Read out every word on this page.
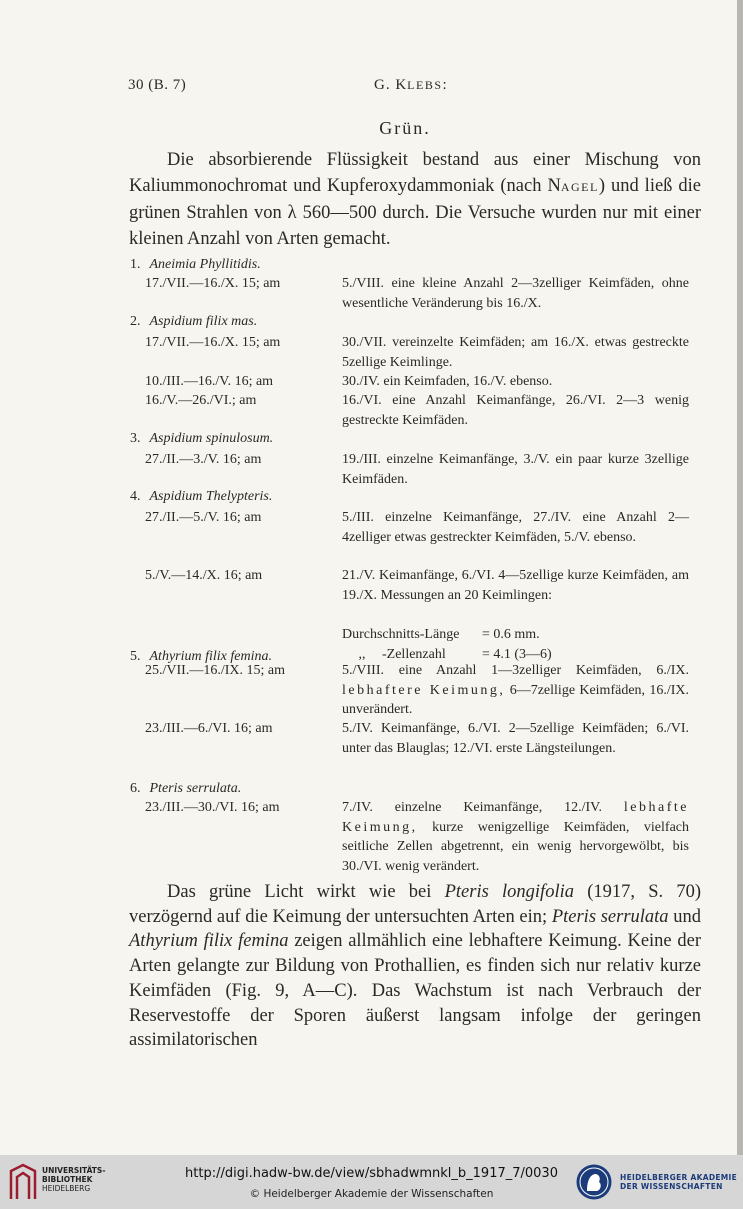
30 (B. 7)	G. KLEBS:
Grün.
Die absorbierende Flüssigkeit bestand aus einer Mischung von Kaliummonochromat und Kupferoxydammoniak (nach NAGEL) und ließ die grünen Strahlen von λ 560—500 durch. Die Versuche wurden nur mit einer kleinen Anzahl von Arten gemacht.
1. Aneimia Phyllitidis.
17./VII.—16./X. 15; am	5./VIII. eine kleine Anzahl 2—3zelliger Keimfäden, ohne wesentliche Veränderung bis 16./X.
2. Aspidium filix mas.
17./VII.—16./X. 15; am	30./VII. vereinzelte Keimfäden; am 16./X. etwas gestreckte 5zellige Keimlinge.
10./III.—16./V. 16; am	30./IV. ein Keimfaden, 16./V. ebenso.
16./V.—26./VI.; am	16./VI. eine Anzahl Keimanfänge, 26./VI. 2—3 wenig gestreckte Keimfäden.
3. Aspidium spinulosum.
27./II.—3./V. 16; am	19./III. einzelne Keimanfänge, 3./V. ein paar kurze 3zellige Keimfäden.
4. Aspidium Thelypteris.
27./II.—5./V. 16; am	5./III. einzelne Keimanfänge, 27./IV. eine Anzahl 2—4zelliger etwas gestreckter Keimfäden, 5./V. ebenso.
5./V.—14./X. 16; am	21./V. Keimanfänge, 6./VI. 4—5zellige kurze Keimfäden, am 19./X. Messungen an 20 Keimlingen:
Durchschnitts-Länge = 0.6 mm.
,, -Zellenzahl	= 4.1 (3—6)
5. Athyrium filix femina.
25./VII.—16./IX. 15; am	5./VIII. eine Anzahl 1—3zelliger Keimfäden, 6./IX. lebhaftere Keimung, 6—7zellige Keimfäden, 16./IX. unverändert.
23./III.—6./VI. 16; am	5./IV. Keimanfänge, 6./VI. 2—5zellige Keimfäden; 6./VI. unter das Blauglas; 12./VI. erste Längsteilungen.
6. Pteris serrulata.
23./III.—30./VI. 16; am	7./IV. einzelne Keimanfänge, 12./IV. lebhafte Keimung, kurze wenigzellige Keimfäden, vielfach seitliche Zellen abgetrennt, ein wenig hervorgewölbt, bis 30./VI. wenig verändert.
Das grüne Licht wirkt wie bei Pteris longifolia (1917, S. 70) verzögernd auf die Keimung der untersuchten Arten ein; Pteris serrulata und Athyrium filix femina zeigen allmählich eine lebhaftere Keimung. Keine der Arten gelangte zur Bildung von Prothallien, es finden sich nur relativ kurze Keimfäden (Fig. 9, A—C). Das Wachstum ist nach Verbrauch der Reservestoffe der Sporen äußerst langsam infolge der geringen assimilatorischen
UNIVERSITÄTS-
BIBLIOTHEK
HEIDELBERG
http://digi.hadw-bw.de/view/sbhadwmnkl_b_1917_7/0030
© Heidelberger Akademie der Wissenschaften
HEIDELBERGER AKADEMIE
DER WISSENSCHAFTEN
